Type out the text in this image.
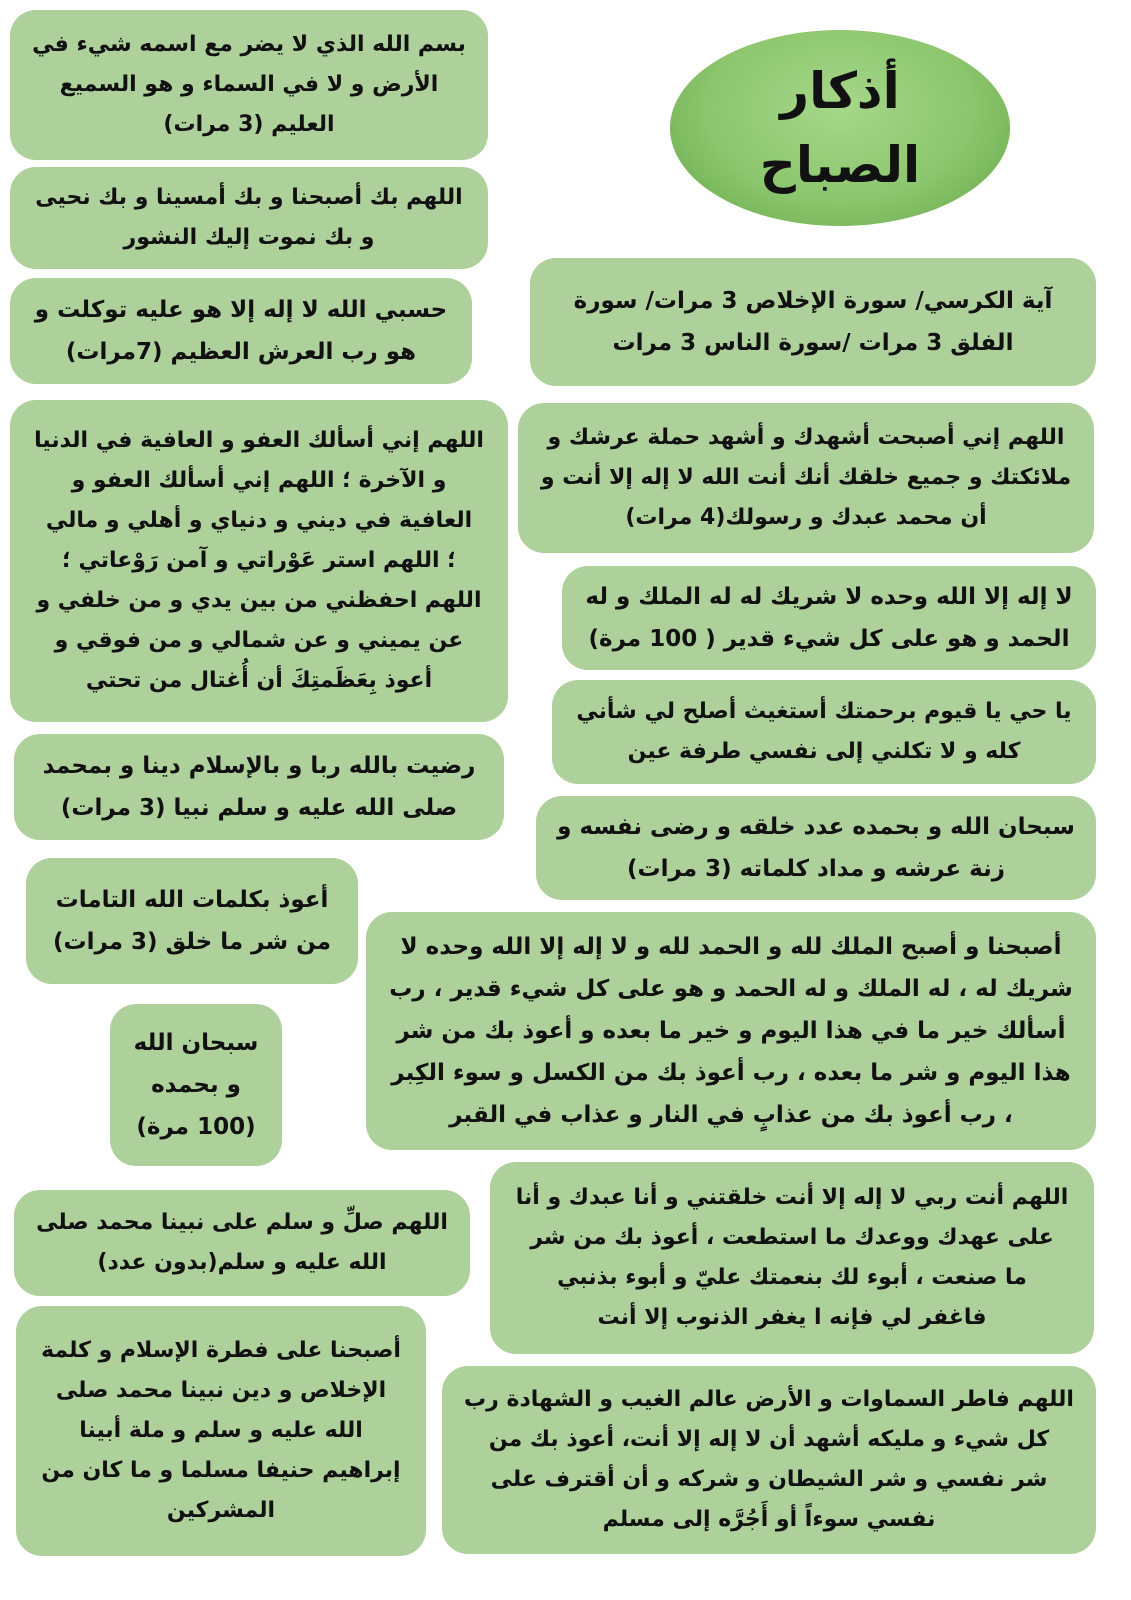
أذكار
الصباح

بسم الله الذي لا يضر مع اسمه شيء في
الأرض و لا في السماء و هو السميع
العليم (3 مرات)

اللهم بك أصبحنا و بك أمسينا و بك نحيى
و بك نموت إليك النشور

حسبي الله لا إله إلا هو عليه توكلت و
هو رب العرش العظيم (7مرات)

اللهم إني أسألك العفو و العافية في الدنيا
و الآخرة ؛ اللهم إني أسألك العفو و
العافية في ديني و دنياي و أهلي و مالي
؛ اللهم استر عَوْراتي و آمن رَوْعاتي ؛
اللهم احفظني من بين يدي و من خلفي و
عن يميني و عن شمالي و من فوقي و
أعوذ بِعَظَمتِكَ أن أُغتال من تحتي

رضيت بالله ربا و بالإسلام دينا و بمحمد
صلى الله عليه و سلم نبيا (3 مرات)

أعوذ بكلمات الله التامات
من شر ما خلق (3 مرات)

سبحان الله
و بحمده
(100 مرة)

اللهم صلِّ و سلم على نبينا محمد صلى
الله عليه و سلم(بدون عدد)

أصبحنا على فطرة الإسلام و كلمة
الإخلاص و دين نبينا محمد صلى
الله عليه و سلم و ملة أبينا
إبراهيم حنيفا مسلما و ما كان من
المشركين

آية الكرسي/ سورة الإخلاص 3 مرات/ سورة
الفلق 3 مرات /سورة الناس 3 مرات

اللهم إني أصبحت أشهدك و أشهد حملة عرشك و
ملائكتك و جميع خلقك أنك أنت الله لا إله إلا أنت و
أن محمد عبدك و رسولك(4 مرات)

لا إله إلا الله وحده لا شريك له له الملك و له
الحمد و هو على كل شيء قدير ( 100 مرة)

يا حي يا قيوم برحمتك أستغيث أصلح لي شأني
كله و لا تكلني إلى نفسي طرفة عين

سبحان الله و بحمده عدد خلقه و رضى نفسه و
زنة عرشه و مداد كلماته (3 مرات)

أصبحنا و أصبح الملك لله و الحمد لله و لا إله إلا الله وحده لا
شريك له ، له الملك و له الحمد و هو على كل شيء قدير ، رب
أسألك خير ما في هذا اليوم و خير ما بعده و أعوذ بك من شر
هذا اليوم و شر ما بعده ، رب أعوذ بك من الكسل و سوء الكِبر
، رب أعوذ بك من عذابٍ في النار و عذاب في القبر

اللهم أنت ربي لا إله إلا أنت خلقتني و أنا عبدك و أنا
على عهدك ووعدك ما استطعت ، أعوذ بك من شر
ما صنعت ، أبوء لك بنعمتك عليّ و أبوء بذنبي
فاغفر لي فإنه ا يغفر الذنوب إلا أنت

اللهم فاطر السماوات و الأرض عالم الغيب و الشهادة رب
كل شيء و مليكه أشهد أن لا إله إلا أنت، أعوذ بك من
شر نفسي و شر الشيطان و شركه و أن أقترف على
نفسي سوءاً أو أَجُرَّه إلى مسلم
